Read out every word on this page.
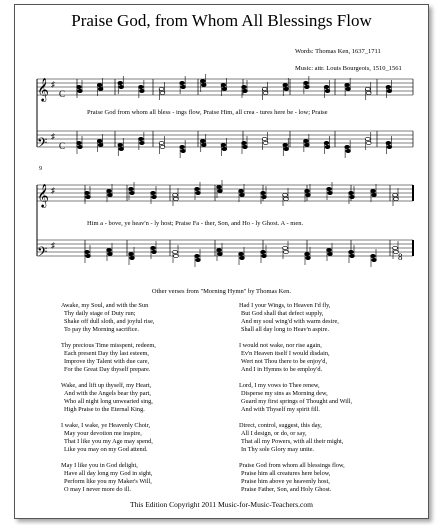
Praise God, from Whom All Blessings Flow
Words: Thomas Ken, 1637_1711
Music: attr. Louis Bourgeois, 1510_1561
𝄞
𝄢
♯
♯
C
C
9
𝄞
𝄢
♯
♯
8
Praise God from whom all bless - ings flow, Praise Him, all crea - tures here be - low; Praise
Him a - bove, ye heav'n - ly host; Praise Fa - ther, Son, and Ho - ly Ghost. A - men.
Other verses from "Morning Hymn" by Thomas Ken.
Awake, my Soul, and with the Sun
Thy daily stage of Duty run;
Shake off dull sloth, and joyful rise,
To pay thy Morning sacrifice.
Thy precious Time misspent, redeem,
Each present Day thy last esteem,
Improve thy Talent with due care,
For the Great Day thyself prepare.
Wake, and lift up thyself, my Heart,
And with the Angels bear thy part,
Who all night long unwearied sing,
High Praise to the Eternal King.
I wake, I wake, ye Heavenly Choir,
May your devotion me inspire,
That I like you my Age may spend,
Like you may on my God attend.
May I like you in God delight,
Have all day long my God in sight,
Perform like you my Maker's Will,
O may I never more do ill.
Had I your Wings, to Heaven I'd fly,
But God shall that defect supply,
And my soul wing'd with warm desire,
Shall all day long to Heav'n aspire.
I would not wake, nor rise again,
Ev'n Heaven itself I would disdain,
Wert not Thou there to be enjoy'd,
And I in Hymns to be employ'd.
Lord, I my vows to Thee renew,
Disperse my sins as Morning dew,
Guard my first springs of Thought and Will,
And with Thyself my spirit fill.
Direct, control, suggest, this day,
All I design, or do, or say,
That all my Powers, with all their might,
In Thy sole Glory may unite.
Praise God from whom all blessings flow,
Praise him all creatures here below,
Praise him above ye heavenly host,
Praise Father, Son, and Holy Ghost.
This Edition Copyright 2011 Music-for-Music-Teachers.com
